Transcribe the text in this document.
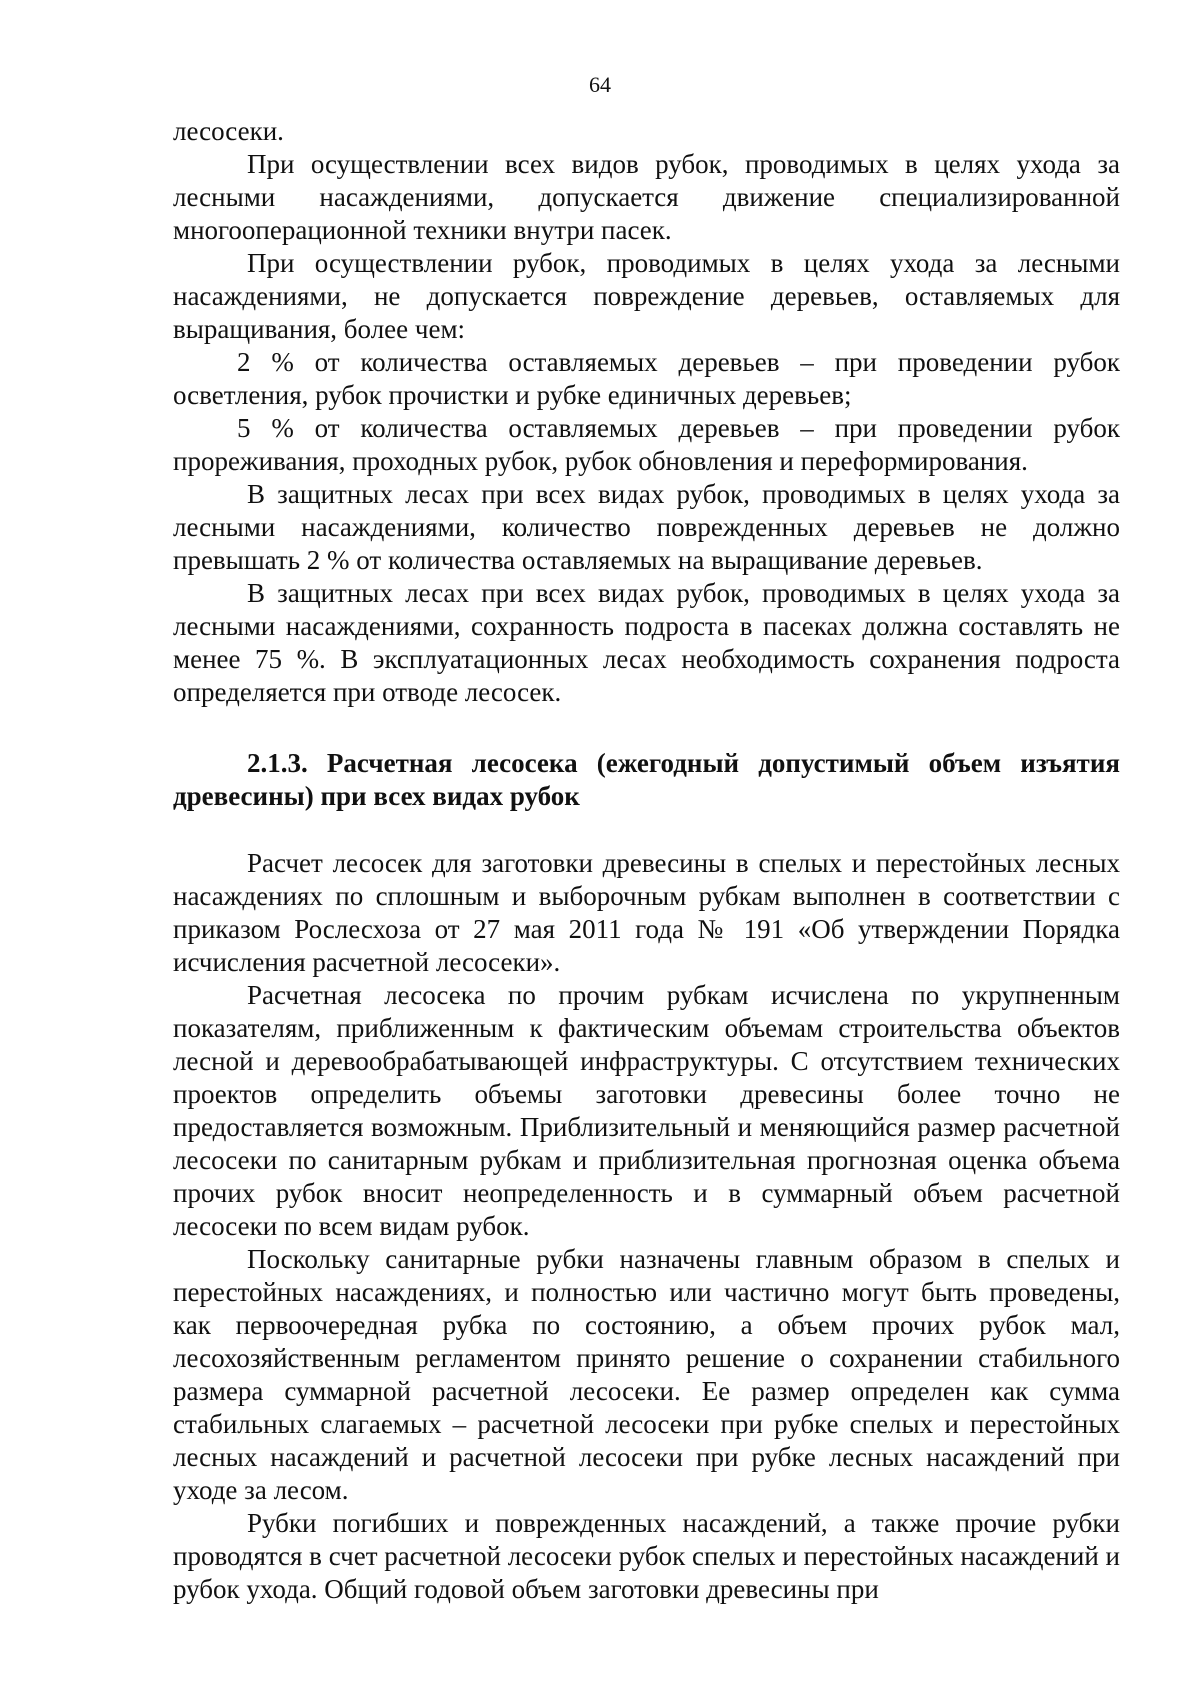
64

лесосеки.

При осуществлении всех видов рубок, проводимых в целях ухода за лесными насаждениями, допускается движение специализированной многооперационной техники внутри пасек.

При осуществлении рубок, проводимых в целях ухода за лесными насаждениями, не допускается повреждение деревьев, оставляемых для выращивания, более чем:

2 % от количества оставляемых деревьев – при проведении рубок осветления, рубок прочистки и рубке единичных деревьев;

5 % от количества оставляемых деревьев – при проведении рубок прореживания, проходных рубок, рубок обновления и переформирования.

В защитных лесах при всех видах рубок, проводимых в целях ухода за лесными насаждениями, количество поврежденных деревьев не должно превышать 2 % от количества оставляемых на выращивание деревьев.

В защитных лесах при всех видах рубок, проводимых в целях ухода за лесными насаждениями, сохранность подроста в пасеках должна составлять не менее 75 %. В эксплуатационных лесах необходимость сохранения подроста определяется при отводе лесосек.

2.1.3. Расчетная лесосека (ежегодный допустимый объем изъятия древесины) при всех видах рубок

Расчет лесосек для заготовки древесины в спелых и перестойных лесных насаждениях по сплошным и выборочным рубкам выполнен в соответствии с приказом Рослесхоза от 27 мая 2011 года № 191 «Об утверждении Порядка исчисления расчетной лесосеки».

Расчетная лесосека по прочим рубкам исчислена по укрупненным показателям, приближенным к фактическим объемам строительства объектов лесной и деревообрабатывающей инфраструктуры. С отсутствием технических проектов определить объемы заготовки древесины более точно не предоставляется возможным. Приблизительный и меняющийся размер расчетной лесосеки по санитарным рубкам и приблизительная прогнозная оценка объема прочих рубок вносит неопределенность и в суммарный объем расчетной лесосеки по всем видам рубок.

Поскольку санитарные рубки назначены главным образом в спелых и перестойных насаждениях, и полностью или частично могут быть проведены, как первоочередная рубка по состоянию, а объем прочих рубок мал, лесохозяйственным регламентом принято решение о сохранении стабильного размера суммарной расчетной лесосеки. Ее размер определен как сумма стабильных слагаемых – расчетной лесосеки при рубке спелых и перестойных лесных насаждений и расчетной лесосеки при рубке лесных насаждений при уходе за лесом.

Рубки погибших и поврежденных насаждений, а также прочие рубки проводятся в счет расчетной лесосеки рубок спелых и перестойных насаждений и рубок ухода. Общий годовой объем заготовки древесины при
